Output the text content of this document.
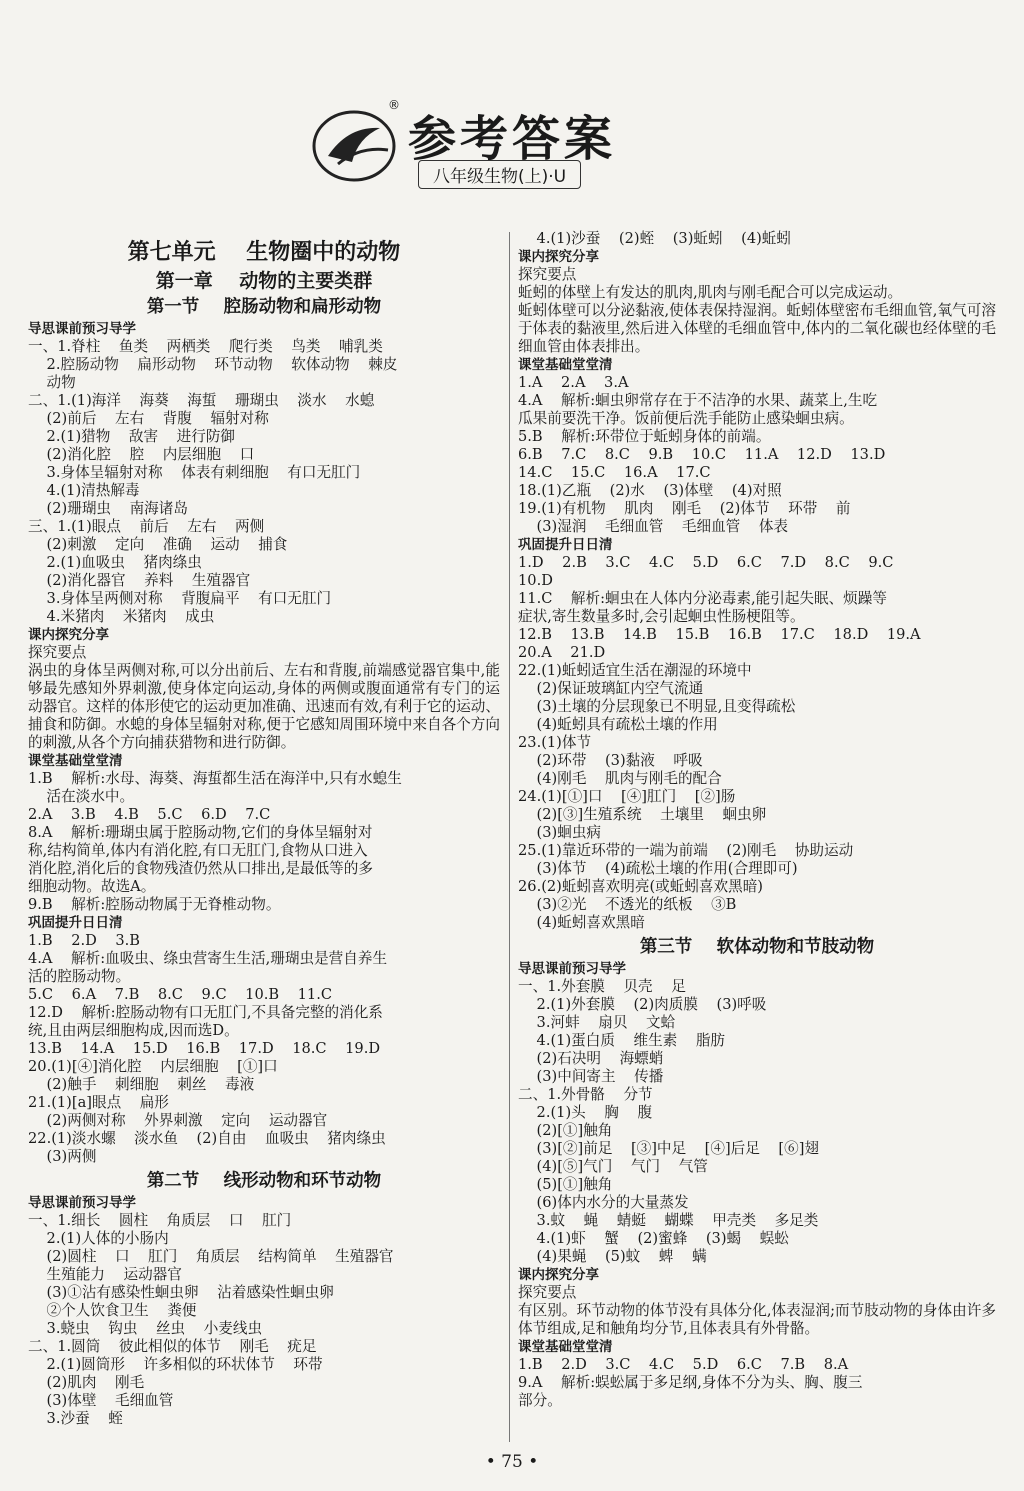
®
参考答案
八年级生物(上)·U
第七单元    生物圈中的动物
第一章    动物的主要类群
第一节    腔肠动物和扁形动物
导思课前预习导学
一、1.脊柱    鱼类    两栖类    爬行类    鸟类    哺乳类
2.腔肠动物    扁形动物    环节动物    软体动物    棘皮
动物
二、1.(1)海洋    海葵    海蜇    珊瑚虫    淡水    水螅
(2)前后    左右    背腹    辐射对称
2.(1)猎物    敌害    进行防御
(2)消化腔    腔    内层细胞    口
3.身体呈辐射对称    体表有刺细胞    有口无肛门
4.(1)清热解毒
(2)珊瑚虫    南海诸岛
三、1.(1)眼点    前后    左右    两侧
(2)刺激    定向    准确    运动    捕食
2.(1)血吸虫    猪肉绦虫
(2)消化器官    养料    生殖器官
3.身体呈两侧对称    背腹扁平    有口无肛门
4.米猪肉    米猪肉    成虫
课内探究分享
探究要点
涡虫的身体呈两侧对称,可以分出前后、左右和背腹,前端感觉器官集中,能够最先感知外界刺激,使身体定向运动,身体的两侧或腹面通常有专门的运动器官。这样的体形使它的运动更加准确、迅速而有效,有利于它的运动、捕食和防御。水螅的身体呈辐射对称,便于它感知周围环境中来自各个方向的刺激,从各个方向捕获猎物和进行防御。
课堂基础堂堂清
1.B    解析:水母、海葵、海蜇都生活在海洋中,只有水螅生
活在淡水中。
2.A    3.B    4.B    5.C    6.D    7.C
8.A    解析:珊瑚虫属于腔肠动物,它们的身体呈辐射对
称,结构简单,体内有消化腔,有口无肛门,食物从口进入
消化腔,消化后的食物残渣仍然从口排出,是最低等的多
细胞动物。故选A。
9.B    解析:腔肠动物属于无脊椎动物。
巩固提升日日清
1.B    2.D    3.B
4.A    解析:血吸虫、绦虫营寄生生活,珊瑚虫是营自养生
活的腔肠动物。
5.C    6.A    7.B    8.C    9.C    10.B    11.C
12.D    解析:腔肠动物有口无肛门,不具备完整的消化系
统,且由两层细胞构成,因而选D。
13.B    14.A    15.D    16.B    17.D    18.C    19.D
20.(1)[④]消化腔    内层细胞    [①]口
(2)触手    刺细胞    刺丝    毒液
21.(1)[a]眼点    扁形
(2)两侧对称    外界刺激    定向    运动器官
22.(1)淡水螺    淡水鱼    (2)自由    血吸虫    猪肉绦虫
(3)两侧
第二节    线形动物和环节动物
导思课前预习导学
一、1.细长    圆柱    角质层    口    肛门
2.(1)人体的小肠内
(2)圆柱    口    肛门    角质层    结构简单    生殖器官
生殖能力    运动器官
(3)①沾有感染性蛔虫卵    沾着感染性蛔虫卵
②个人饮食卫生    粪便
3.蛲虫    钩虫    丝虫    小麦线虫
二、1.圆筒    彼此相似的体节    刚毛    疣足
2.(1)圆筒形    许多相似的环状体节    环带
(2)肌肉    刚毛
(3)体壁    毛细血管
3.沙蚕    蛭
4.(1)沙蚕    (2)蛭    (3)蚯蚓    (4)蚯蚓
课内探究分享
探究要点
蚯蚓的体壁上有发达的肌肉,肌肉与刚毛配合可以完成运动。
蚯蚓体壁可以分泌黏液,使体表保持湿润。蚯蚓体壁密布毛细血管,氧气可溶于体表的黏液里,然后进入体壁的毛细血管中,体内的二氧化碳也经体壁的毛细血管由体表排出。
课堂基础堂堂清
1.A    2.A    3.A
4.A    解析:蛔虫卵常存在于不洁净的水果、蔬菜上,生吃
瓜果前要洗干净。饭前便后洗手能防止感染蛔虫病。
5.B    解析:环带位于蚯蚓身体的前端。
6.B    7.C    8.C    9.B    10.C    11.A    12.D    13.D
14.C    15.C    16.A    17.C
18.(1)乙瓶    (2)水    (3)体壁    (4)对照
19.(1)有机物    肌肉    刚毛    (2)体节    环带    前
(3)湿润    毛细血管    毛细血管    体表
巩固提升日日清
1.D    2.B    3.C    4.C    5.D    6.C    7.D    8.C    9.C
10.D
11.C    解析:蛔虫在人体内分泌毒素,能引起失眠、烦躁等
症状,寄生数量多时,会引起蛔虫性肠梗阻等。
12.B    13.B    14.B    15.B    16.B    17.C    18.D    19.A
20.A    21.D
22.(1)蚯蚓适宜生活在潮湿的环境中
(2)保证玻璃缸内空气流通
(3)土壤的分层现象已不明显,且变得疏松
(4)蚯蚓具有疏松土壤的作用
23.(1)体节
(2)环带    (3)黏液    呼吸
(4)刚毛    肌肉与刚毛的配合
24.(1)[①]口    [④]肛门    [②]肠
(2)[③]生殖系统    土壤里    蛔虫卵
(3)蛔虫病
25.(1)靠近环带的一端为前端    (2)刚毛    协助运动
(3)体节    (4)疏松土壤的作用(合理即可)
26.(2)蚯蚓喜欢明亮(或蚯蚓喜欢黑暗)
(3)②光    不透光的纸板    ③B
(4)蚯蚓喜欢黑暗
第三节    软体动物和节肢动物
导思课前预习导学
一、1.外套膜    贝壳    足
2.(1)外套膜    (2)肉质膜    (3)呼吸
3.河蚌    扇贝    文蛤
4.(1)蛋白质    维生素    脂肪
(2)石决明    海螵蛸
(3)中间寄主    传播
二、1.外骨骼    分节
2.(1)头    胸    腹
(2)[①]触角
(3)[②]前足    [③]中足    [④]后足    [⑥]翅
(4)[⑤]气门    气门    气管
(5)[①]触角
(6)体内水分的大量蒸发
3.蚊    蝇    蜻蜓    蝴蝶    甲壳类    多足类
4.(1)虾    蟹    (2)蜜蜂    (3)蝎    蜈蚣
(4)果蝇    (5)蚊    蜱    螨
课内探究分享
探究要点
有区别。环节动物的体节没有具体分化,体表湿润;而节肢动物的身体由许多体节组成,足和触角均分节,且体表具有外骨骼。
课堂基础堂堂清
1.B    2.D    3.C    4.C    5.D    6.C    7.B    8.A
9.A    解析:蜈蚣属于多足纲,身体不分为头、胸、腹三
部分。
• 75 •
